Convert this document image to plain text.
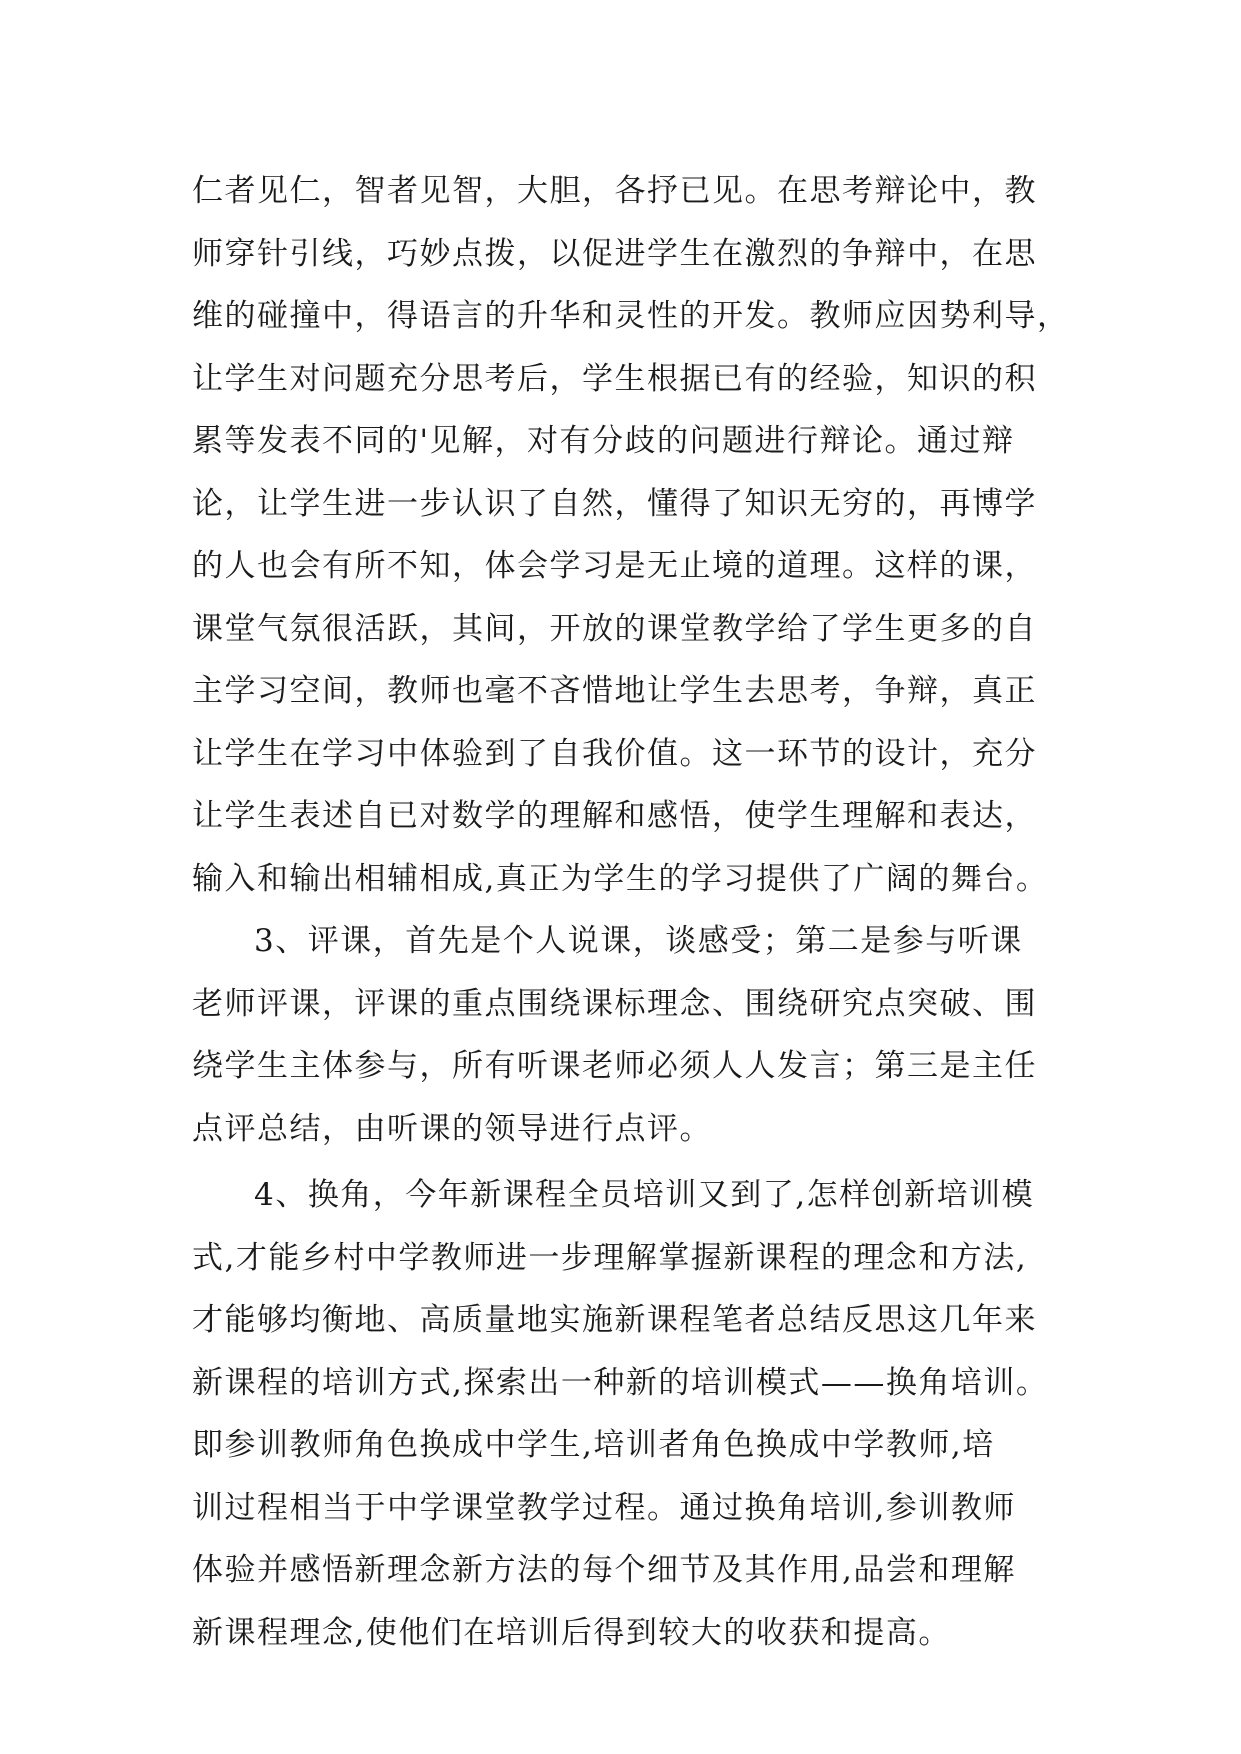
仁者见仁，智者见智，大胆，各抒已见。在思考辩论中，教
师穿针引线，巧妙点拨，以促进学生在激烈的争辩中，在思
维的碰撞中，得语言的升华和灵性的开发。教师应因势利导，
让学生对问题充分思考后，学生根据已有的经验，知识的积
累等发表不同的'见解，对有分歧的问题进行辩论。通过辩
论，让学生进一步认识了自然，懂得了知识无穷的，再博学
的人也会有所不知，体会学习是无止境的道理。这样的课，
课堂气氛很活跃，其间，开放的课堂教学给了学生更多的自
主学习空间，教师也毫不吝惜地让学生去思考，争辩，真正
让学生在学习中体验到了自我价值。这一环节的设计，充分
让学生表述自已对数学的理解和感悟，使学生理解和表达，
输入和输出相辅相成,真正为学生的学习提供了广阔的舞台。
3、评课，首先是个人说课，谈感受；第二是参与听课
老师评课，评课的重点围绕课标理念、围绕研究点突破、围
绕学生主体参与，所有听课老师必须人人发言；第三是主任
点评总结，由听课的领导进行点评。
4、换角，今年新课程全员培训又到了,怎样创新培训模
式,才能乡村中学教师进一步理解掌握新课程的理念和方法,
才能够均衡地、高质量地实施新课程笔者总结反思这几年来
新课程的培训方式,探索出一种新的培训模式——换角培训。
即参训教师角色换成中学生,培训者角色换成中学教师,培
训过程相当于中学课堂教学过程。通过换角培训,参训教师
体验并感悟新理念新方法的每个细节及其作用,品尝和理解
新课程理念,使他们在培训后得到较大的收获和提高。
